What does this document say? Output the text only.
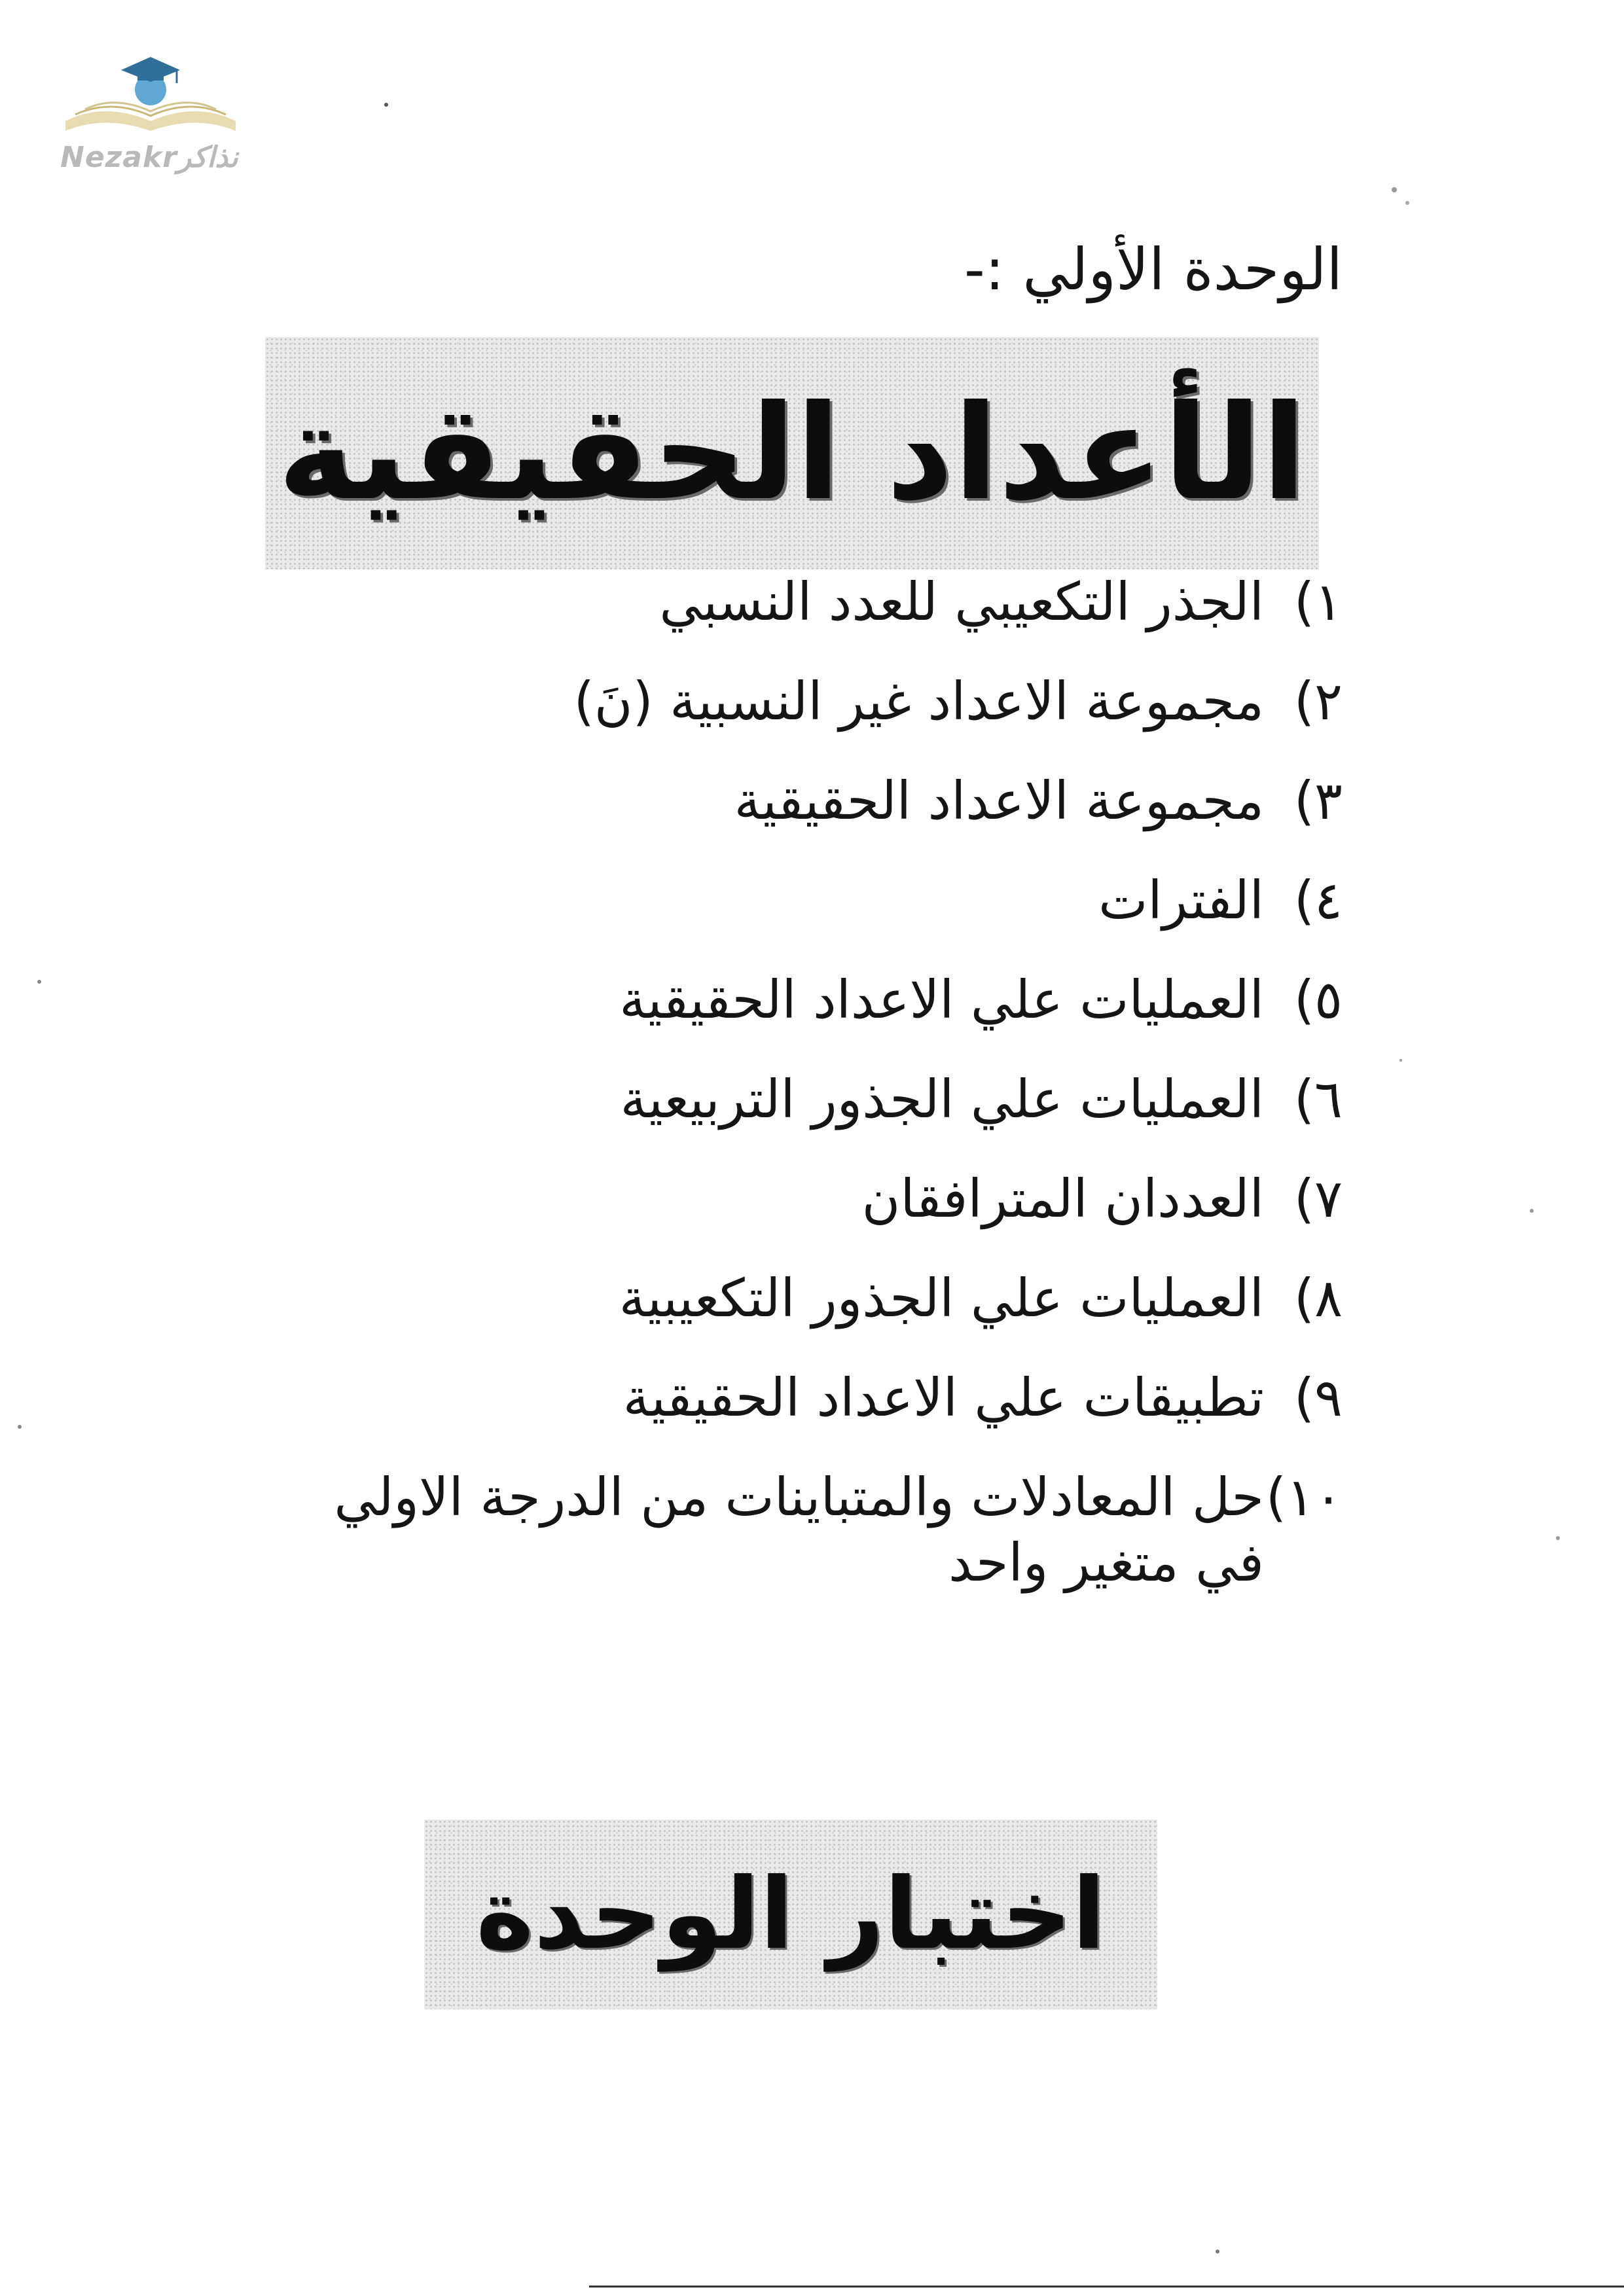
Nezakrنذاكر
الوحدة الأولي :-
الأعداد الحقيقية
١)
الجذر التكعيبي للعدد النسبي
٢)
مجموعة الاعداد غير النسبية (نَ)
٣)
مجموعة الاعداد الحقيقية
٤)
الفترات
٥)
العمليات علي الاعداد الحقيقية
٦)
العمليات علي الجذور التربيعية
٧)
العددان المترافقان
٨)
العمليات علي الجذور التكعيبية
٩)
تطبيقات علي الاعداد الحقيقية
١٠)
حل المعادلات والمتباينات من الدرجة الاولي في متغير واحد
اختبار الوحدة
